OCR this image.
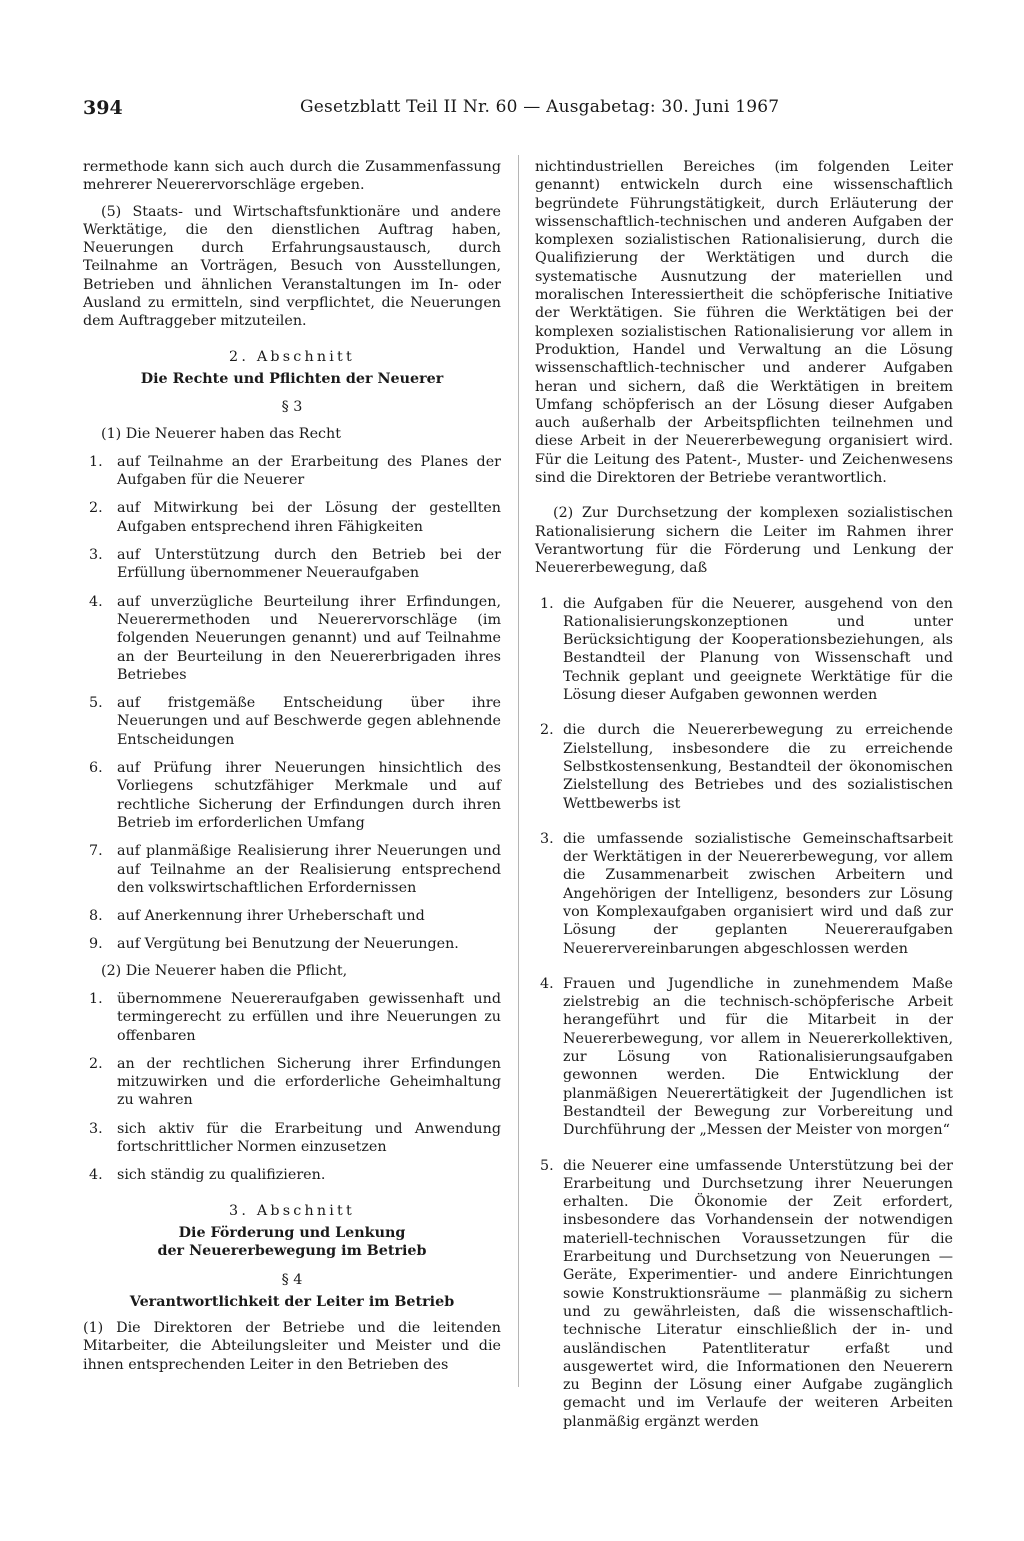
394	Gesetzblatt Teil II Nr. 60 — Ausgabetag: 30. Juni 1967

rermethode kann sich auch durch die Zusammenfassung mehrerer Neuerervorschläge ergeben.

(5) Staats- und Wirtschaftsfunktionäre und andere Werktätige, die den dienstlichen Auftrag haben, Neuerungen durch Erfahrungsaustausch, durch Teilnahme an Vorträgen, Besuch von Ausstellungen, Betrieben und ähnlichen Veranstaltungen im In- oder Ausland zu ermitteln, sind verpflichtet, die Neuerungen dem Auftraggeber mitzuteilen.

2. Abschnitt
Die Rechte und Pflichten der Neuerer
§ 3

(1) Die Neuerer haben das Recht

1. auf Teilnahme an der Erarbeitung des Planes der Aufgaben für die Neuerer
2. auf Mitwirkung bei der Lösung der gestellten Aufgaben entsprechend ihren Fähigkeiten
3. auf Unterstützung durch den Betrieb bei der Erfüllung übernommener Neueraufgaben
4. auf unverzügliche Beurteilung ihrer Erfindungen, Neuerermethoden und Neuerervorschläge (im folgenden Neuerungen genannt) und auf Teilnahme an der Beurteilung in den Neuererbrigaden ihres Betriebes
5. auf fristgemäße Entscheidung über ihre Neuerungen und auf Beschwerde gegen ablehnende Entscheidungen
6. auf Prüfung ihrer Neuerungen hinsichtlich des Vorliegens schutzfähiger Merkmale und auf rechtliche Sicherung der Erfindungen durch ihren Betrieb im erforderlichen Umfang
7. auf planmäßige Realisierung ihrer Neuerungen und auf Teilnahme an der Realisierung entsprechend den volkswirtschaftlichen Erfordernissen
8. auf Anerkennung ihrer Urheberschaft und
9. auf Vergütung bei Benutzung der Neuerungen.

(2) Die Neuerer haben die Pflicht,

1. übernommene Neuereraufgaben gewissenhaft und termingerecht zu erfüllen und ihre Neuerungen zu offenbaren
2. an der rechtlichen Sicherung ihrer Erfindungen mitzuwirken und die erforderliche Geheimhaltung zu wahren
3. sich aktiv für die Erarbeitung und Anwendung fortschrittlicher Normen einzusetzen
4. sich ständig zu qualifizieren.
3. Abschnitt
Die Förderung und Lenkung
der Neuererbewegung im Betrieb
§ 4
Verantwortlichkeit der Leiter im Betrieb

(1) Die Direktoren der Betriebe und die leitenden Mitarbeiter, die Abteilungsleiter und Meister und die ihnen entsprechenden Leiter in den Betrieben des

nichtindustriellen Bereiches (im folgenden Leiter genannt) entwickeln durch eine wissenschaftlich begründete Führungstätigkeit, durch Erläuterung der wissenschaftlich-technischen und anderen Aufgaben der komplexen sozialistischen Rationalisierung, durch die Qualifizierung der Werktätigen und durch die systematische Ausnutzung der materiellen und moralischen Interessiertheit die schöpferische Initiative der Werktätigen. Sie führen die Werktätigen bei der komplexen sozialistischen Rationalisierung vor allem in Produktion, Handel und Verwaltung an die Lösung wissenschaftlich-technischer und anderer Aufgaben heran und sichern, daß die Werktätigen in breitem Umfang schöpferisch an der Lösung dieser Aufgaben auch außerhalb der Arbeitspflichten teilnehmen und diese Arbeit in der Neuererbewegung organisiert wird. Für die Leitung des Patent-, Muster- und Zeichenwesens sind die Direktoren der Betriebe verantwortlich.

(2) Zur Durchsetzung der komplexen sozialistischen Rationalisierung sichern die Leiter im Rahmen ihrer Verantwortung für die Förderung und Lenkung der Neuererbewegung, daß

1. die Aufgaben für die Neuerer, ausgehend von den Rationalisierungskonzeptionen und unter Berücksichtigung der Kooperationsbeziehungen, als Bestandteil der Planung von Wissenschaft und Technik geplant und geeignete Werktätige für die Lösung dieser Aufgaben gewonnen werden
2. die durch die Neuererbewegung zu erreichende Zielstellung, insbesondere die zu erreichende Selbstkostensenkung, Bestandteil der ökonomischen Zielstellung des Betriebes und des sozialistischen Wettbewerbs ist
3. die umfassende sozialistische Gemeinschaftsarbeit der Werktätigen in der Neuererbewegung, vor allem die Zusammenarbeit zwischen Arbeitern und Angehörigen der Intelligenz, besonders zur Lösung von Komplexaufgaben organisiert wird und daß zur Lösung der geplanten Neuereraufgaben Neuerervereinbarungen abgeschlossen werden
4. Frauen und Jugendliche in zunehmendem Maße zielstrebig an die technisch-schöpferische Arbeit herangeführt und für die Mitarbeit in der Neuererbewegung, vor allem in Neuererkollektiven, zur Lösung von Rationalisierungsaufgaben gewonnen werden. Die Entwicklung der planmäßigen Neuerertätigkeit der Jugendlichen ist Bestandteil der Bewegung zur Vorbereitung und Durchführung der „Messen der Meister von morgen“
5. die Neuerer eine umfassende Unterstützung bei der Erarbeitung und Durchsetzung ihrer Neuerungen erhalten. Die Ökonomie der Zeit erfordert, insbesondere das Vorhandensein der notwendigen materiell-technischen Voraussetzungen für die Erarbeitung und Durchsetzung von Neuerungen — Geräte, Experimentier- und andere Einrichtungen sowie Konstruktionsräume — planmäßig zu sichern und zu gewährleisten, daß die wissenschaftlich-technische Literatur einschließlich der in- und ausländischen Patentliteratur erfaßt und ausgewertet wird, die Informationen den Neuerern zu Beginn der Lösung einer Aufgabe zugänglich gemacht und im Verlaufe der weiteren Arbeiten planmäßig ergänzt werden
